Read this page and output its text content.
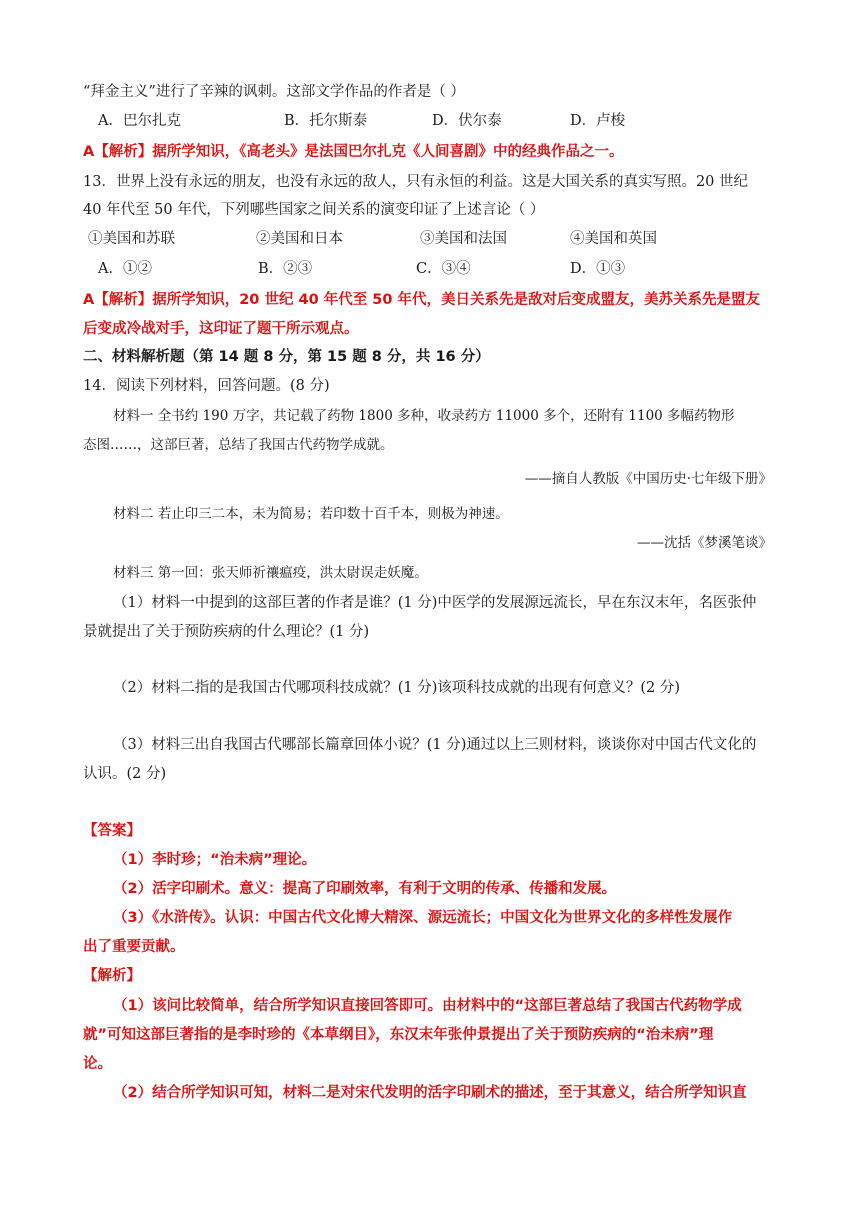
“拜金主义”进行了辛辣的讽刺。这部文学作品的作者是（ ）
A．巴尔扎克	B．托尔斯泰	D．伏尔泰	D．卢梭
A【解析】据所学知识，《高老头》是法国巴尔扎克《人间喜剧》中的经典作品之一。
13．世界上没有永远的朋友，也没有永远的敌人，只有永恒的利益。这是大国关系的真实写照。20 世纪
40 年代至 50 年代，下列哪些国家之间关系的演变印证了上述言论（ ）
①美国和苏联	②美国和日本	③美国和法国	④美国和英国
A．①②	B．②③	C．③④	D．①③
A【解析】据所学知识，20 世纪 40 年代至 50 年代，美日关系先是敌对后变成盟友，美苏关系先是盟友
后变成冷战对手，这印证了题干所示观点。
二、材料解析题（第 14 题 8 分，第 15 题 8 分，共 16 分）
14．阅读下列材料，回答问题。(8 分)
材料一 全书约 190 万字，共记载了药物 1800 多种，收录药方 11000 多个，还附有 1100 多幅药物形
态图……，这部巨著，总结了我国古代药物学成就。
——摘自人教版《中国历史·七年级下册》
材料二 若止印三二本，未为简易；若印数十百千本，则极为神速。
——沈括《梦溪笔谈》
材料三 第一回：张天师祈禳瘟疫，洪太尉误走妖魔。
（1）材料一中提到的这部巨著的作者是谁？(1 分)中医学的发展源远流长，早在东汉末年，名医张仲
景就提出了关于预防疾病的什么理论？(1 分)
（2）材料二指的是我国古代哪项科技成就？(1 分)该项科技成就的出现有何意义？(2 分)
（3）材料三出自我国古代哪部长篇章回体小说？(1 分)通过以上三则材料，谈谈你对中国古代文化的
认识。(2 分)
【答案】
（1）李时珍；“治未病”理论。
（2）活字印刷术。意义：提高了印刷效率，有利于文明的传承、传播和发展。
（3）《水浒传》。认识：中国古代文化博大精深、源远流长；中国文化为世界文化的多样性发展作
出了重要贡献。
【解析】
（1）该问比较简单，结合所学知识直接回答即可。由材料中的“这部巨著总结了我国古代药物学成
就”可知这部巨著指的是李时珍的《本草纲目》，东汉末年张仲景提出了关于预防疾病的“治未病”理
论。
（2）结合所学知识可知，材料二是对宋代发明的活字印刷术的描述，至于其意义，结合所学知识直
